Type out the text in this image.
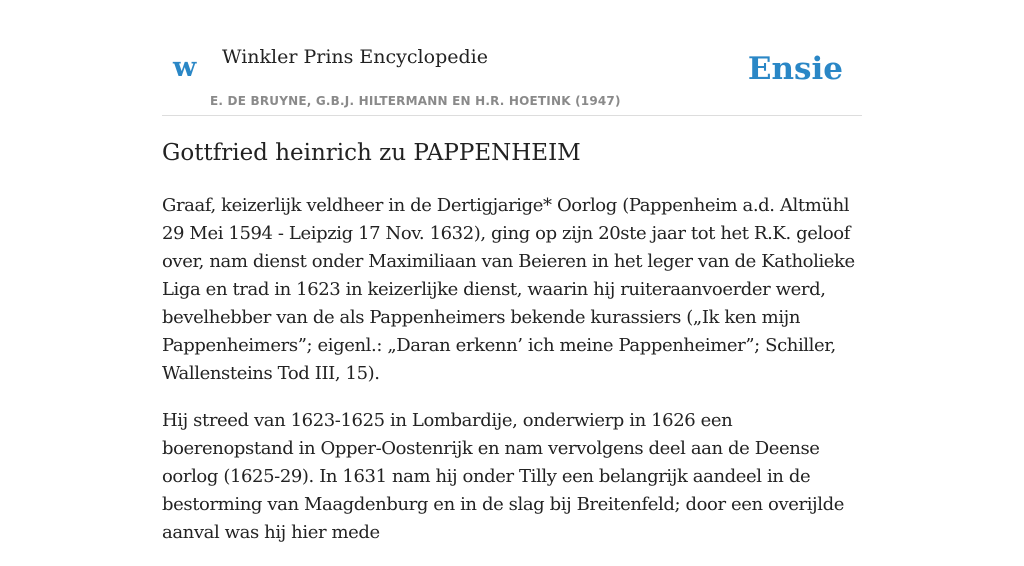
w Winkler Prins Encyclopedie	Ensie
E. DE BRUYNE, G.B.J. HILTERMANN EN H.R. HOETINK (1947)
Gottfried heinrich zu PAPPENHEIM

Graaf, keizerlijk veldheer in de Dertigjarige* Oorlog (Pappenheim a.d. Altmühl 29 Mei 1594 - Leipzig 17 Nov. 1632), ging op zijn 20ste jaar tot het R.K. geloof over, nam dienst onder Maximiliaan van Beieren in het leger van de Katholieke Liga en trad in 1623 in keizerlijke dienst, waarin hij ruiteraanvoerder werd, bevelhebber van de als Pappenheimers bekende kurassiers („Ik ken mijn Pappenheimers”; eigenl.: „Daran erkenn’ ich meine Pappenheimer”; Schiller, Wallensteins Tod III, 15).

Hij streed van 1623-1625 in Lombardije, onderwierp in 1626 een boerenopstand in Opper-Oostenrijk en nam vervolgens deel aan de Deense oorlog (1625-29). In 1631 nam hij onder Tilly een belangrijk aandeel in de bestorming van Maagdenburg en in de slag bij Breitenfeld; door een overijlde aanval was hij hier mede
